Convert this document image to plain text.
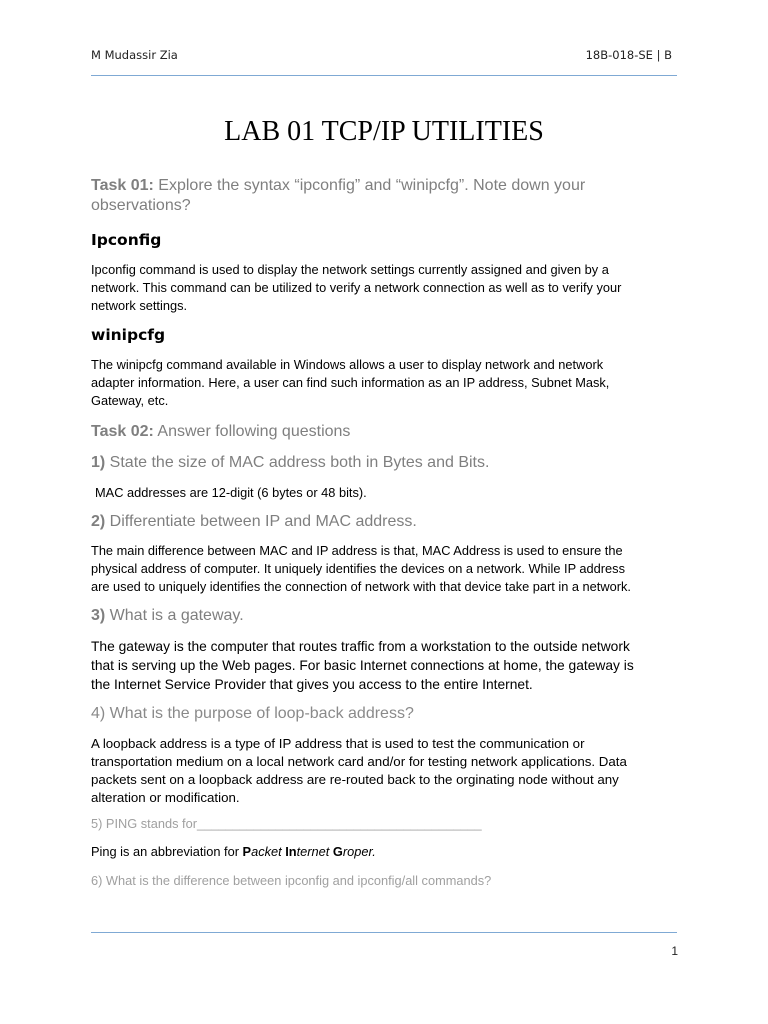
M Mudassir Zia	18B-018-SE | B
LAB 01 TCP/IP UTILITIES
Task 01: Explore the syntax “ipconfig” and “winipcfg”. Note down your observations?
Ipconfig
Ipconfig command is used to display the network settings currently assigned and given by a
network. This command can be utilized to verify a network connection as well as to verify your
network settings.
winipcfg
The winipcfg command available in Windows allows a user to display network and network
adapter information. Here, a user can find such information as an IP address, Subnet Mask,
Gateway, etc.
Task 02: Answer following questions
1) State the size of MAC address both in Bytes and Bits.
MAC addresses are 12-digit (6 bytes or 48 bits).
2) Differentiate between IP and MAC address.
The main difference between MAC and IP address is that, MAC Address is used to ensure the
physical address of computer. It uniquely identifies the devices on a network. While IP address
are used to uniquely identifies the connection of network with that device take part in a network.
3) What is a gateway.
The gateway is the computer that routes traffic from a workstation to the outside network
that is serving up the Web pages. For basic Internet connections at home, the gateway is
the Internet Service Provider that gives you access to the entire Internet.
4) What is the purpose of loop-back address?
A loopback address is a type of IP address that is used to test the communication or
transportation medium on a local network card and/or for testing network applications. Data
packets sent on a loopback address are re-routed back to the orginating node without any
alteration or modification.
5) PING stands for________________________________________
Ping is an abbreviation for Packet Internet Groper.
6) What is the difference between ipconfig and ipconfig/all commands?
1
